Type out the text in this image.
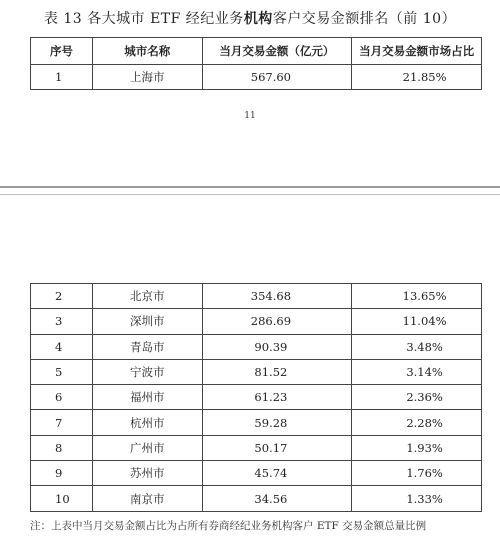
表 13 各大城市 ETF 经纪业务机构客户交易金额排名（前 10）
序号	城市名称	当月交易金额（亿元）	当月交易金额市场占比
1	上海市	567.60	21.85%
11
2	北京市	354.68	13.65%
3	深圳市	286.69	11.04%
4	青岛市	90.39	3.48%
5	宁波市	81.52	3.14%
6	福州市	61.23	2.36%
7	杭州市	59.28	2.28%
8	广州市	50.17	1.93%
9	苏州市	45.74	1.76%
10	南京市	34.56	1.33%
注：上表中当月交易金额占比为占所有券商经纪业务机构客户 ETF 交易金额总量比例
